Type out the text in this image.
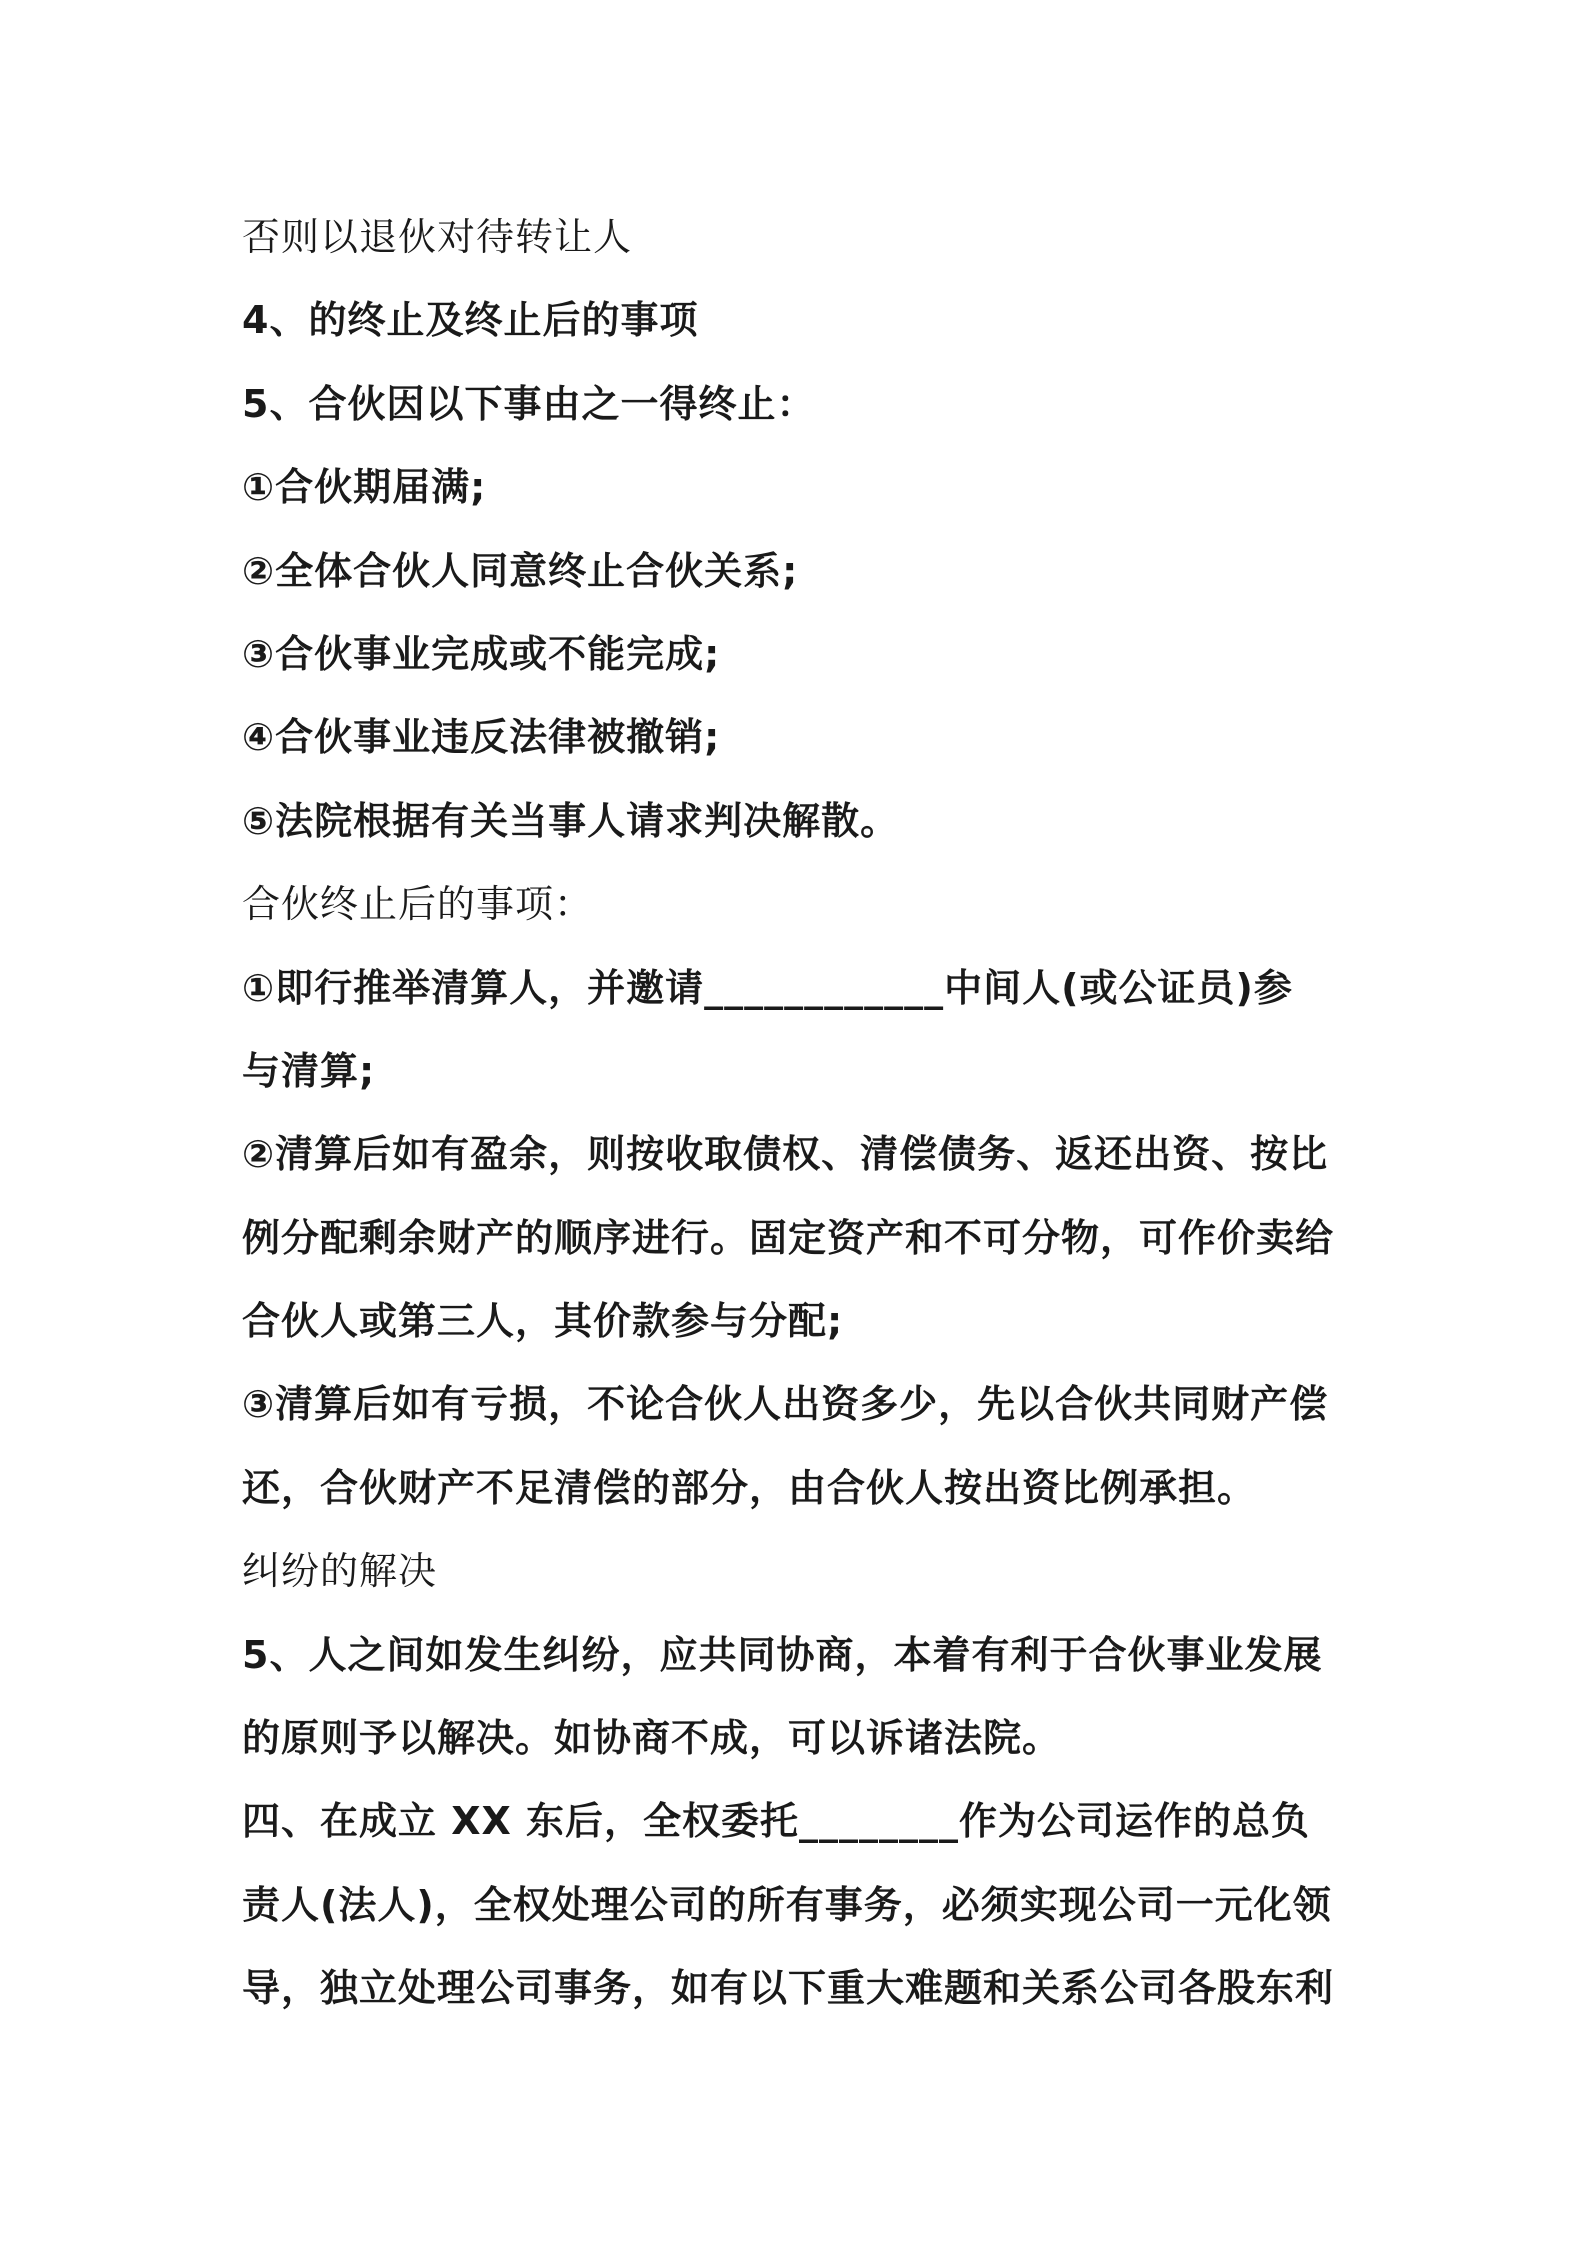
否则以退伙对待转让人
4、的终止及终止后的事项
5、合伙因以下事由之一得终止：
①合伙期届满;
②全体合伙人同意终止合伙关系;
③合伙事业完成或不能完成;
④合伙事业违反法律被撤销;
⑤法院根据有关当事人请求判决解散。
合伙终止后的事项：
①即行推举清算人，并邀请____________中间人(或公证员)参
与清算;
②清算后如有盈余，则按收取债权、清偿债务、返还出资、按比
例分配剩余财产的顺序进行。固定资产和不可分物，可作价卖给
合伙人或第三人，其价款参与分配;
③清算后如有亏损，不论合伙人出资多少，先以合伙共同财产偿
还，合伙财产不足清偿的部分，由合伙人按出资比例承担。
纠纷的解决
5、人之间如发生纠纷，应共同协商，本着有利于合伙事业发展
的原则予以解决。如协商不成，可以诉诸法院。
四、在成立 XX 东后，全权委托________作为公司运作的总负
责人(法人)，全权处理公司的所有事务，必须实现公司一元化领
导，独立处理公司事务，如有以下重大难题和关系公司各股东利
